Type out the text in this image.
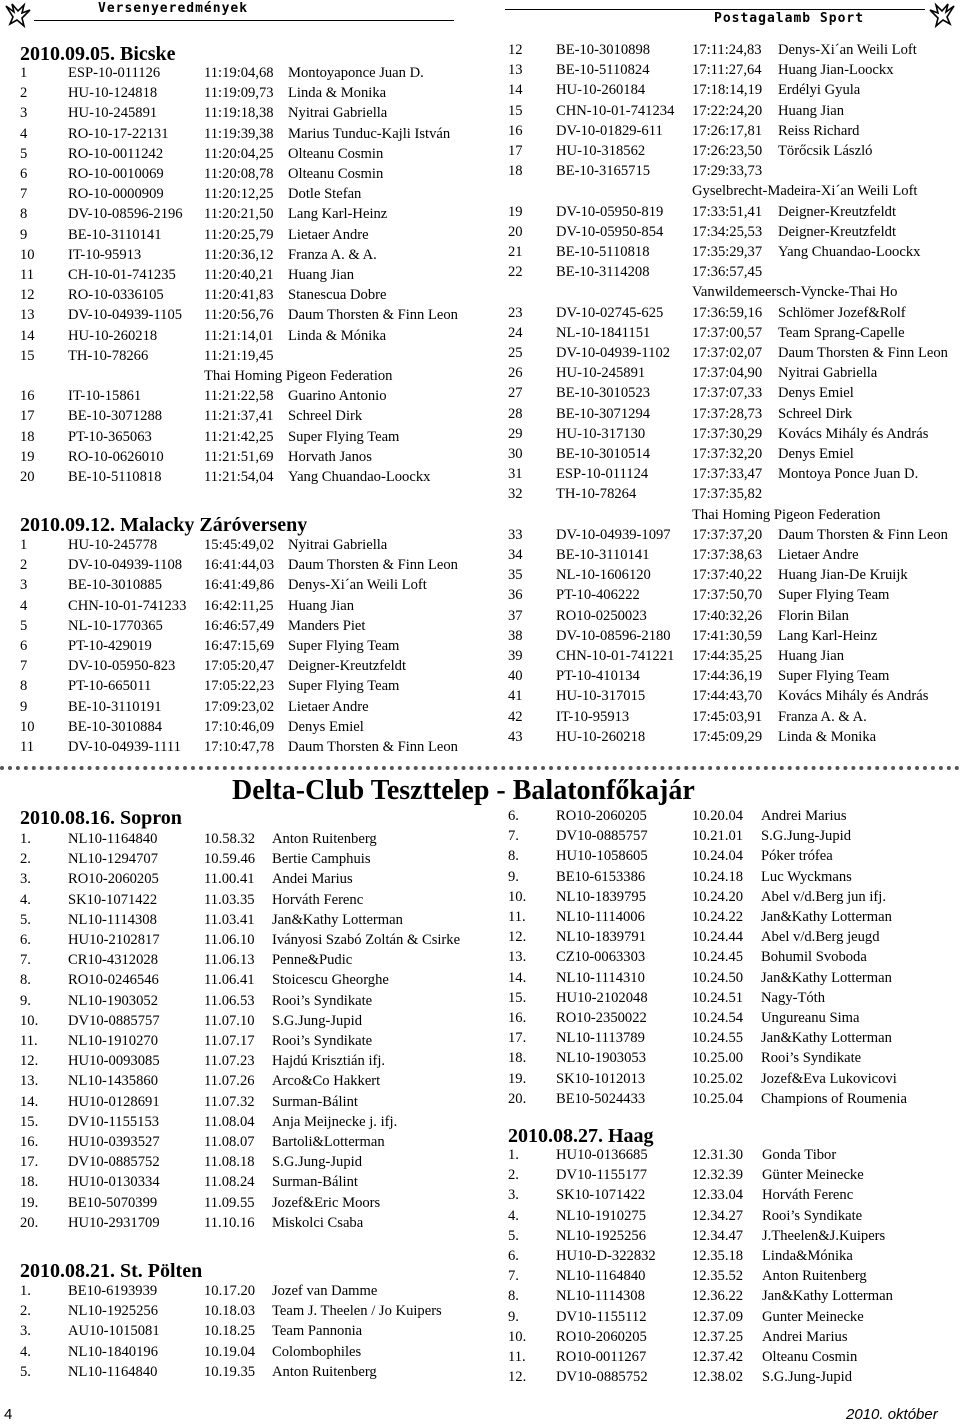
Versenyeredmények
Postagalamb Sport
2010.09.05. Bicske
1	ESP-10-011126	11:19:04,68 Montoyaponce Juan D.
2	HU-10-124818	11:19:09,73 Linda & Monika
3	HU-10-245891	11:19:18,38 Nyitrai Gabriella
4	RO-10-17-22131 11:19:39,38 Marius Tunduc-Kajli István
5	RO-10-0011242	11:20:04,25 Olteanu Cosmin
6	RO-10-0010069	11:20:08,78 Olteanu Cosmin
7	RO-10-0000909	11:20:12,25 Dotle Stefan
8	DV-10-08596-2196 11:20:21,50 Lang Karl-Heinz
9	BE-10-3110141	11:20:25,79 Lietaer Andre
10 IT-10-95913	11:20:36,12 Franza A. & A.
11 CH-10-01-741235 11:20:40,21 Huang Jian
12 RO-10-0336105	11:20:41,83 Stanescua Dobre
13 DV-10-04939-1105 11:20:56,76 Daum Thorsten & Finn Leon
14 HU-10-260218	11:21:14,01 Linda & Mónika
15 TH-10-78266	11:21:19,45
Thai Homing Pigeon Federation
16 IT-10-15861	11:21:22,58 Guarino Antonio
17 BE-10-3071288	11:21:37,41 Schreel Dirk
18 PT-10-365063	11:21:42,25 Super Flying Team
19 RO-10-0626010	11:21:51,69 Horvath Janos
20 BE-10-5110818	11:21:54,04 Yang Chuandao-Loockx
2010.09.12. Malacky Záróverseny
1	HU-10-245778	15:45:49,02 Nyitrai Gabriella
2	DV-10-04939-1108 16:41:44,03 Daum Thorsten & Finn Leon
3	BE-10-3010885	16:41:49,86 Denys-Xi´an Weili Loft
4	CHN-10-01-741233 16:42:11,25 Huang Jian
5	NL-10-1770365	16:46:57,49 Manders Piet
6	PT-10-429019	16:47:15,69 Super Flying Team
7	DV-10-05950-823 17:05:20,47 Deigner-Kreutzfeldt
8	PT-10-665011	17:05:22,23 Super Flying Team
9	BE-10-3110191	17:09:23,02 Lietaer Andre
10 BE-10-3010884	17:10:46,09 Denys Emiel
11 DV-10-04939-1111 17:10:47,78 Daum Thorsten & Finn Leon
12 BE-10-3010898	17:11:24,83 Denys-Xi´an Weili Loft
13 BE-10-5110824	17:11:27,64 Huang Jian-Loockx
14 HU-10-260184	17:18:14,19 Erdélyi Gyula
15 CHN-10-01-741234 17:22:24,20 Huang Jian
16 DV-10-01829-611 17:26:17,81 Reiss Richard
17 HU-10-318562	17:26:23,50 Törőcsik László
18 BE-10-3165715	17:29:33,73
Gyselbrecht-Madeira-Xi´an Weili Loft
19 DV-10-05950-819 17:33:51,41 Deigner-Kreutzfeldt
20 DV-10-05950-854 17:34:25,53 Deigner-Kreutzfeldt
21 BE-10-5110818	17:35:29,37 Yang Chuandao-Loockx
22 BE-10-3114208	17:36:57,45
Vanwildemeersch-Vyncke-Thai Ho
23 DV-10-02745-625 17:36:59,16 Schlömer Jozef&Rolf
24 NL-10-1841151	17:37:00,57 Team Sprang-Capelle
25 DV-10-04939-1102 17:37:02,07 Daum Thorsten & Finn Leon
26 HU-10-245891	17:37:04,90 Nyitrai Gabriella
27 BE-10-3010523	17:37:07,33 Denys Emiel
28 BE-10-3071294	17:37:28,73 Schreel Dirk
29 HU-10-317130	17:37:30,29 Kovács Mihály és András
30 BE-10-3010514	17:37:32,20 Denys Emiel
31 ESP-10-011124	17:37:33,47 Montoya Ponce Juan D.
32 TH-10-78264	17:37:35,82
Thai Homing Pigeon Federation
33 DV-10-04939-1097 17:37:37,20 Daum Thorsten & Finn Leon
34 BE-10-3110141	17:37:38,63 Lietaer Andre
35 NL-10-1606120	17:37:40,22 Huang Jian-De Kruijk
36 PT-10-406222	17:37:50,70 Super Flying Team
37 RO10-0250023	17:40:32,26 Florin Bilan
38 DV-10-08596-2180 17:41:30,59 Lang Karl-Heinz
39 CHN-10-01-741221 17:44:35,25 Huang Jian
40 PT-10-410134	17:44:36,19 Super Flying Team
41 HU-10-317015	17:44:43,70 Kovács Mihály és András
42 IT-10-95913	17:45:03,91 Franza A. & A.
43 HU-10-260218	17:45:09,29 Linda & Monika
2010.08.16. Sopron
1.	NL10-1164840	10.58.32 Anton Ruitenberg
2.	NL10-1294707	10.59.46 Bertie Camphuis
3.	RO10-2060205	11.00.41 Andei Marius
4.	SK10-1071422	11.03.35 Horváth Ferenc
5.	NL10-1114308	11.03.41 Jan&Kathy Lotterman
6.	HU10-2102817	11.06.10 Iványosi Szabó Zoltán & Csirke
7.	CR10-4312028	11.06.13 Penne&Pudic
8.	RO10-0246546	11.06.41 Stoicescu Gheorghe
9.	NL10-1903052	11.06.53 Rooi’s Syndikate
10. DV10-0885757	11.07.10 S.G.Jung-Jupid
11. NL10-1910270	11.07.17 Rooi’s Syndikate
12. HU10-0093085	11.07.23 Hajdú Krisztián ifj.
13. NL10-1435860	11.07.26 Arco&Co Hakkert
14. HU10-0128691	11.07.32 Surman-Bálint
15. DV10-1155153	11.08.04 Anja Meijnecke j. ifj.
16. HU10-0393527	11.08.07 Bartoli&Lotterman
17. DV10-0885752	11.08.18 S.G.Jung-Jupid
18. HU10-0130334	11.08.24 Surman-Bálint
19. BE10-5070399	11.09.55 Jozef&Eric Moors
20. HU10-2931709	11.10.16 Miskolci Csaba
2010.08.21. St. Pölten
1.	BE10-6193939	10.17.20 Jozef van Damme
2.	NL10-1925256	10.18.03 Team J. Theelen / Jo Kuipers
3.	AU10-1015081	10.18.25 Team Pannonia
4.	NL10-1840196	10.19.04 Colombophiles
5.	NL10-1164840	10.19.35 Anton Ruitenberg
6.	RO10-2060205	10.20.04 Andrei Marius
7.	DV10-0885757	10.21.01 S.G.Jung-Jupid
8.	HU10-1058605	10.24.04 Póker trófea
9.	BE10-6153386	10.24.18 Luc Wyckmans
10. NL10-1839795	10.24.20 Abel v/d.Berg jun ifj.
11. NL10-1114006	10.24.22 Jan&Kathy Lotterman
12. NL10-1839791	10.24.44 Abel v/d.Berg jeugd
13. CZ10-0063303	10.24.45 Bohumil Svoboda
14. NL10-1114310	10.24.50 Jan&Kathy Lotterman
15. HU10-2102048	10.24.51 Nagy-Tóth
16. RO10-2350022	10.24.54 Ungureanu Sima
17. NL10-1113789	10.24.55 Jan&Kathy Lotterman
18. NL10-1903053	10.25.00 Rooi’s Syndikate
19. SK10-1012013	10.25.02 Jozef&Eva Lukovicovi
20. BE10-5024433	10.25.04 Champions of Roumenia
2010.08.27. Haag
1.	HU10-0136685	12.31.30 Gonda Tibor
2.	DV10-1155177	12.32.39 Günter Meinecke
3.	SK10-1071422	12.33.04 Horváth Ferenc
4.	NL10-1910275	12.34.27 Rooi’s Syndikate
5.	NL10-1925256	12.34.47 J.Theelen&J.Kuipers
6.	HU10-D-322832 12.35.18 Linda&Mónika
7.	NL10-1164840	12.35.52 Anton Ruitenberg
8.	NL10-1114308	12.36.22 Jan&Kathy Lotterman
9.	DV10-1155112	12.37.09 Gunter Meinecke
10. RO10-2060205	12.37.25 Andrei Marius
11. RO10-0011267	12.37.42 Olteanu Cosmin
12. DV10-0885752	12.38.02 S.G.Jung-Jupid
Delta-Club Teszttelep - Balatonfőkajár
4	2010. október
